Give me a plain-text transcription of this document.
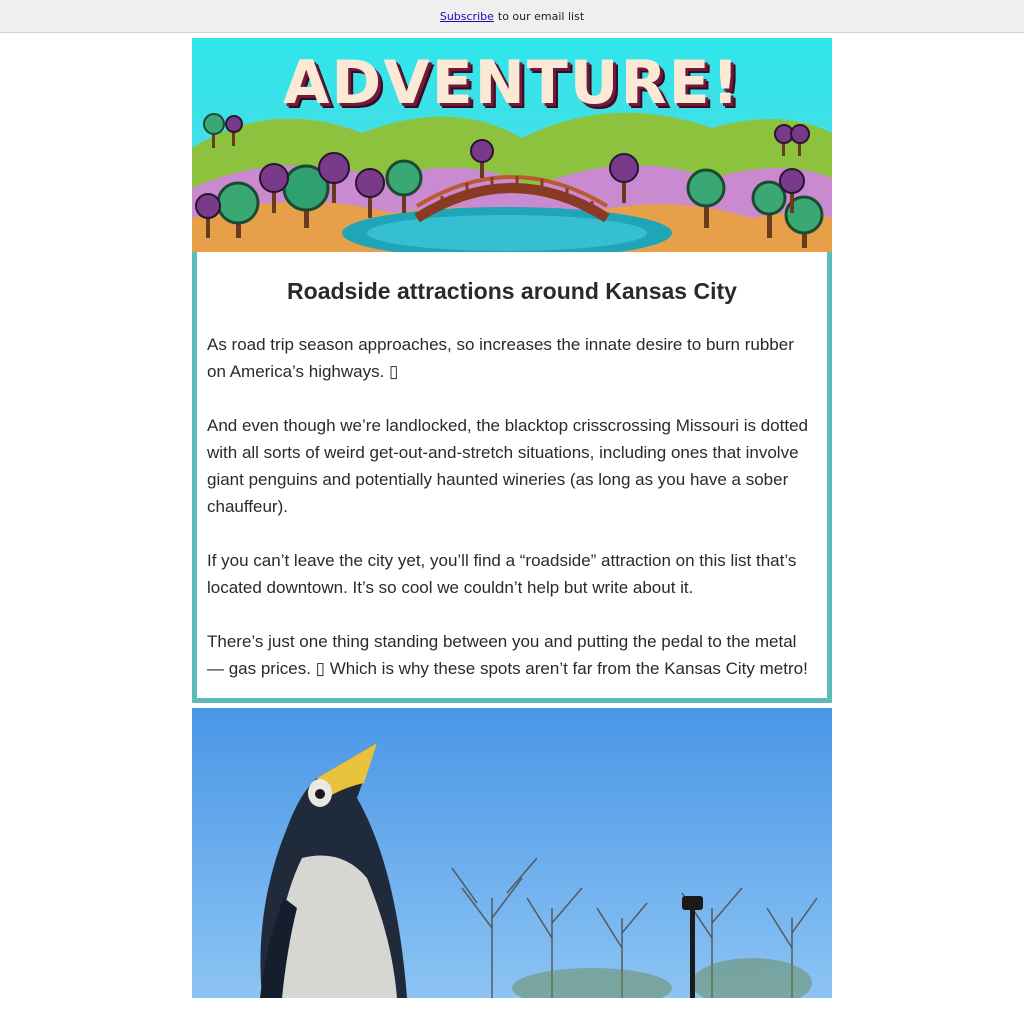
Subscribe to our email list
ADVENTURE!
Roadside attractions around Kansas City

As road trip season approaches, so increases the innate desire to burn rubber on America’s highways. ▯

And even though we’re landlocked, the blacktop crisscrossing Missouri is dotted with all sorts of weird get-out-and-stretch situations, including ones that involve giant penguins and potentially haunted wineries (as long as you have a sober chauffeur).

If you can’t leave the city yet, you’ll find a “roadside” attraction on this list that’s located downtown. It’s so cool we couldn’t help but write about it.

There’s just one thing standing between you and putting the pedal to the metal — gas prices. ▯ Which is why these spots aren’t far from the Kansas City metro!
